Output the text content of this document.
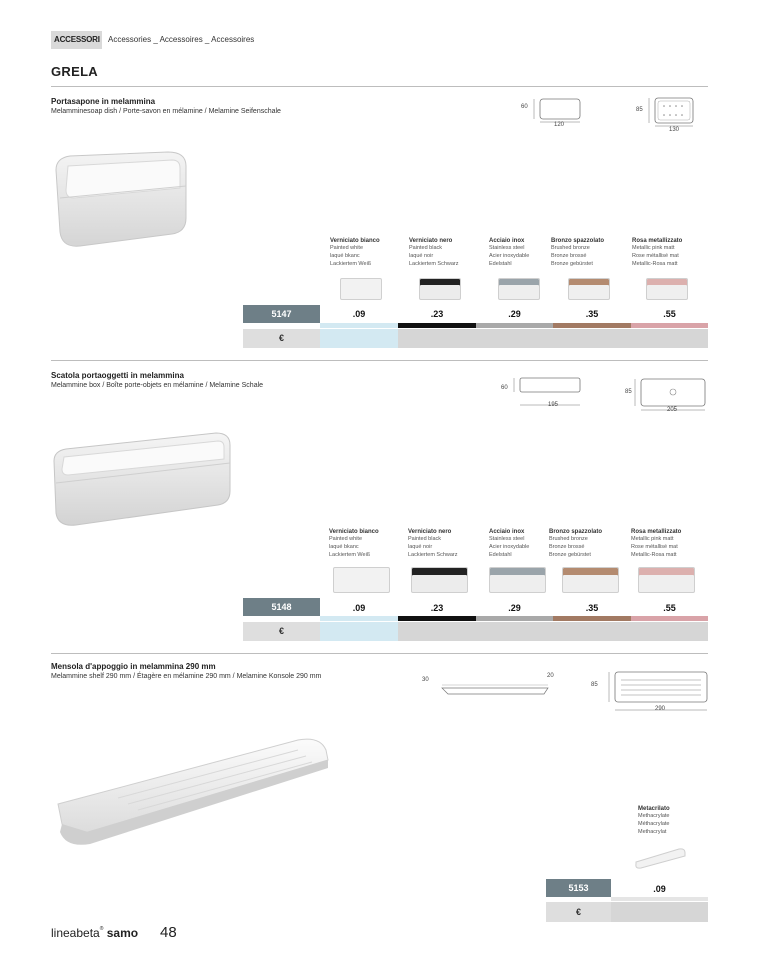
ACCESSORI Accessories _ Accessoires _ Accessoires
GRELA
Portasapone in melammina
Melamminesoap dish / Porte-savon en mélamine / Melamine Seifenschale
60
120
85
130
Verniciato bianco
Painted white
laqué bkanc
Lackiertem Weiß
Verniciato nero
Painted black
laqué noir
Lackiertem Schwarz
Acciaio inox
Stainless steel
Acier inoxydable
Edelstahl
Bronzo spazzolato
Brushed bronze
Bronze brossé
Bronze gebürstet
Rosa metallizzato
Metallic pink matt
Rose métallisé mat
Metallic-Rosa matt
5147	.09	.23	.29	.35	.55
€
Scatola portaoggetti in melammina
Melammine box / Boîte porte-objets en mélamine / Melamine Schale	60
195
85
205
Verniciato bianco
Painted white
laqué bkanc
Lackiertem Weiß
Verniciato nero
Painted black
laqué noir
Lackiertem Schwarz
Acciaio inox
Stainless steel
Acier inoxydable
Edelstahl
Bronzo spazzolato
Brushed bronze
Bronze brossé
Bronze gebürstet
Rosa metallizzato
Metallic pink matt
Rose métallisé mat
Metallic-Rosa matt
5148	.09	.23	.29	.35	.55
€
Mensola d'appoggio in melammina 290 mm
Melammine shelf 290 mm / Étagère en mélamine 290 mm / Melamine Konsole 290 mm	30
20
85
290
Metacrilato
Methacrylate
Méthacrylate
Methacrylat
5153	.09
€
lineabeta® samo 48
